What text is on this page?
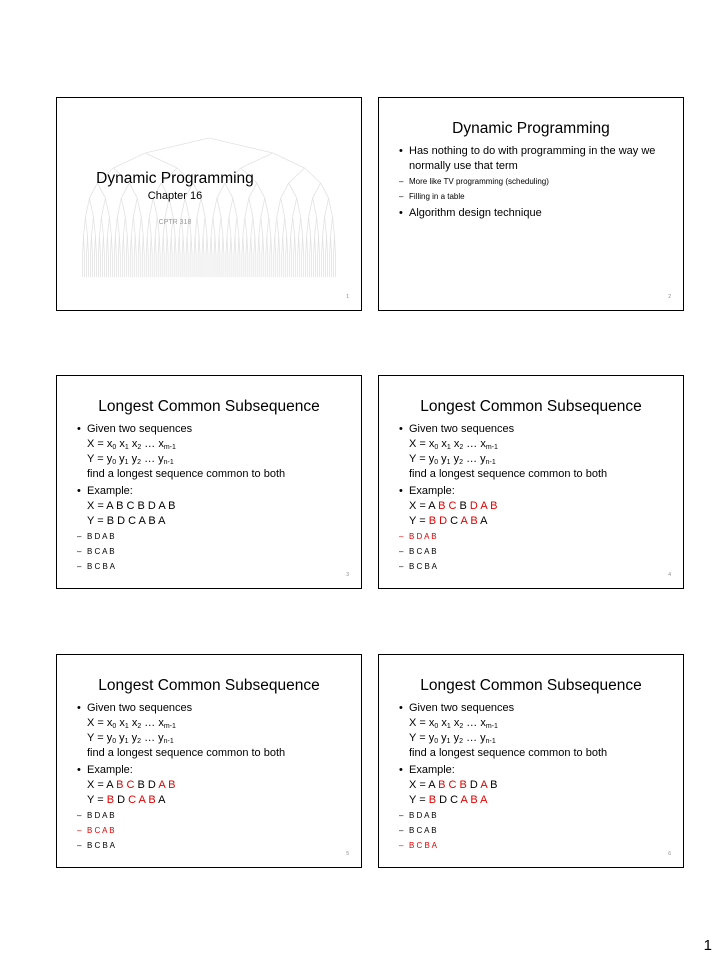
Dynamic Programming
Chapter 16
CPTR 318
1
Dynamic Programming
• Has nothing to do with programming in the way we normally use that term
– More like TV programming (scheduling)
– Filling in a table
• Algorithm design technique
2
Longest Common Subsequence
• Given two sequences
$X = x_0$ $x_1$ $x_2$ … $x_{m-1}$
$Y = y_0$ $y_1$ $y_2$ … $y_{n-1}$
find a longest sequence common to both
• Example:
X = A B C B D A B
Y = B D C A B A
– B D A B
– B C A B
– B C B A
3
Longest Common Subsequence
• Given two sequences
$X = x_0$ $x_1$ $x_2$ … $x_{m-1}$
$Y = y_0$ $y_1$ $y_2$ … $y_{n-1}$
find a longest sequence common to both
• Example:
X = A B C B D A B
Y = B D C A B A
– B D A B
– B C A B
– B C B A
4
Longest Common Subsequence
• Given two sequences
$X = x_0$ $x_1$ $x_2$ … $x_{m-1}$
$Y = y_0$ $y_1$ $y_2$ … $y_{n-1}$
find a longest sequence common to both
• Example:
X = A B C B D A B
Y = B D C A B A
– B D A B
– B C A B
– B C B A
5
Longest Common Subsequence
• Given two sequences
$X = x_0$ $x_1$ $x_2$ … $x_{m-1}$
$Y = y_0$ $y_1$ $y_2$ … $y_{n-1}$
find a longest sequence common to both
• Example:
X = A B C B D A B
Y = B D C A B A
– B D A B
– B C A B
– B C B A
6
1
